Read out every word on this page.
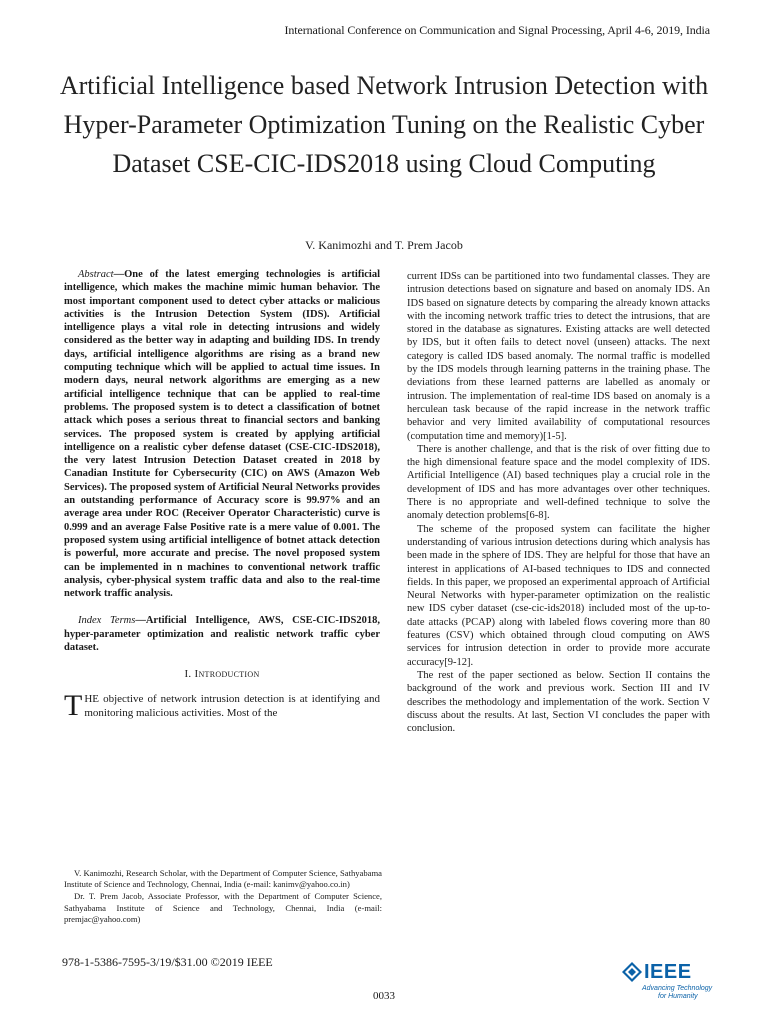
International Conference on Communication and Signal Processing, April 4-6, 2019, India
Artificial Intelligence based Network Intrusion Detection with Hyper-Parameter Optimization Tuning on the Realistic Cyber Dataset CSE-CIC-IDS2018 using Cloud Computing
V. Kanimozhi and T. Prem Jacob

Abstract—One of the latest emerging technologies is artificial intelligence, which makes the machine mimic human behavior. The most important component used to detect cyber attacks or malicious activities is the Intrusion Detection System (IDS). Artificial intelligence plays a vital role in detecting intrusions and widely considered as the better way in adapting and building IDS. In trendy days, artificial intelligence algorithms are rising as a brand new computing technique which will be applied to actual time issues. In modern days, neural network algorithms are emerging as a new artificial intelligence technique that can be applied to real-time problems. The proposed system is to detect a classification of botnet attack which poses a serious threat to financial sectors and banking services. The proposed system is created by applying artificial intelligence on a realistic cyber defense dataset (CSE-CIC-IDS2018), the very latest Intrusion Detection Dataset created in 2018 by Canadian Institute for Cybersecurity (CIC) on AWS (Amazon Web Services). The proposed system of Artificial Neural Networks provides an outstanding performance of Accuracy score is 99.97% and an average area under ROC (Receiver Operator Characteristic) curve is 0.999 and an average False Positive rate is a mere value of 0.001. The proposed system using artificial intelligence of botnet attack detection is powerful, more accurate and precise. The novel proposed system can be implemented in n machines to conventional network traffic analysis, cyber-physical system traffic data and also to the real-time network traffic analysis.

Index Terms—Artificial Intelligence, AWS, CSE-CIC-IDS2018, hyper-parameter optimization and realistic network traffic cyber dataset.

I. Introduction

THE objective of network intrusion detection is at identifying and monitoring malicious activities. Most of the

current IDSs can be partitioned into two fundamental classes. They are intrusion detections based on signature and based on anomaly IDS. An IDS based on signature detects by comparing the already known attacks with the incoming network traffic tries to detect the intrusions, that are stored in the database as signatures. Existing attacks are well detected by IDS, but it often fails to detect novel (unseen) attacks. The next category is called IDS based anomaly. The normal traffic is modelled by the IDS models through learning patterns in the training phase. The deviations from these learned patterns are labelled as anomaly or intrusion. The implementation of real-time IDS based on anomaly is a herculean task because of the rapid increase in the network traffic behavior and very limited availability of computational resources (computation time and memory)[1-5].

There is another challenge, and that is the risk of over fitting due to the high dimensional feature space and the model complexity of IDS. Artificial Intelligence (AI) based techniques play a crucial role in the development of IDS and has more advantages over other techniques. There is no appropriate and well-defined technique to solve the anomaly detection problems[6-8].

The scheme of the proposed system can facilitate the higher understanding of various intrusion detections during which analysis has been made in the sphere of IDS. They are helpful for those that have an interest in applications of AI-based techniques to IDS and connected fields. In this paper, we proposed an experimental approach of Artificial Neural Networks with hyper-parameter optimization on the realistic new IDS cyber dataset (cse-cic-ids2018) included most of the up-to-date attacks (PCAP) along with labeled flows covering more than 80 features (CSV) which obtained through cloud computing on AWS services for intrusion detection in order to provide more accurate accuracy[9-12].

The rest of the paper sectioned as below. Section II contains the background of the work and previous work. Section III and IV describes the methodology and implementation of the work. Section V discuss about the results. At last, Section VI concludes the paper with conclusion.

V. Kanimozhi, Research Scholar, with the Department of Computer Science, Sathyabama Institute of Science and Technology, Chennai, India (e-mail: kanimv@yahoo.co.in)

Dr. T. Prem Jacob, Associate Professor, with the Department of Computer Science, Sathyabama Institute of Science and Technology, Chennai, India (e-mail: premjac@yahoo.com)

978-1-5386-7595-3/19/$31.00 ©2019 IEEE
0033
IEEE
Advancing Technology
for Humanity
